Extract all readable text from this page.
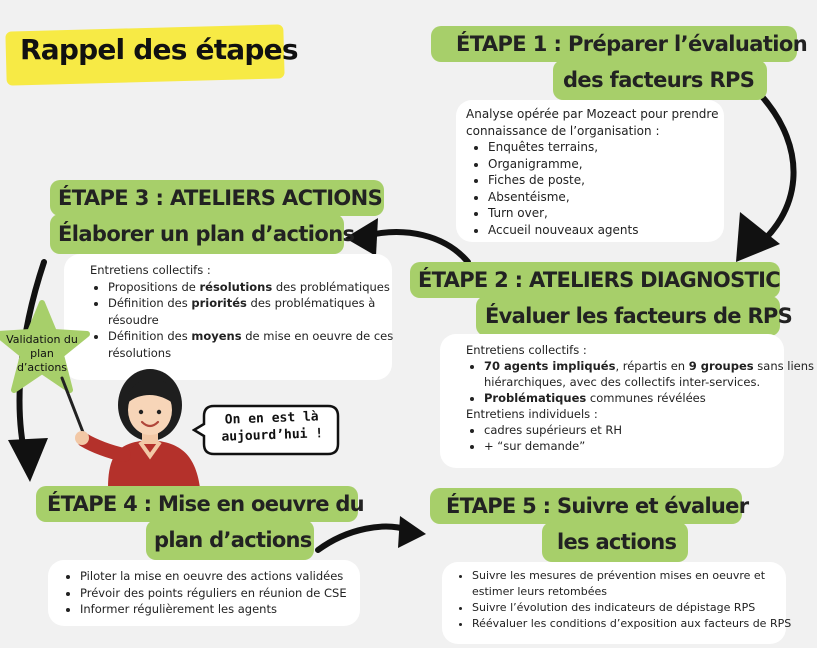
Rappel des étapes	ÉTAPE 1 : Préparer l’évaluation
des facteurs RPS
Analyse opérée par Mozeact pour prendre
connaissance de l’organisation :
• Enquêtes terrains,
• Organigramme,
• Fiches de poste,
• Absentéisme,
• Turn over,
• Accueil nouveaux agents
ÉTAPE 3 : ATELIERS ACTIONS
Élaborer un plan d’actions
Entretiens collectifs :
• Propositions de résolutions des problématiques
• Définition des priorités des problématiques à
résoudre
• Définition des moyens de mise en oeuvre de ces
résolutions
ÉTAPE 2 : ATELIERS DIAGNOSTIC
Évaluer les facteurs de RPS
Entretiens collectifs :
• 70 agents impliqués, répartis en 9 groupes sans liens
hiérarchiques, avec des collectifs inter-services.
• Problématiques communes révélées
Entretiens individuels :
• cadres supérieurs et RH
• + “sur demande”
Validation du
plan
d’actions
On en est là
aujourd’hui !
ÉTAPE 4 : Mise en oeuvre du
plan d’actions
• Piloter la mise en oeuvre des actions validées
• Prévoir des points réguliers en réunion de CSE
• Informer régulièrement les agents
ÉTAPE 5 : Suivre et évaluer
les actions
• Suivre les mesures de prévention mises en oeuvre et
estimer leurs retombées
• Suivre l’évolution des indicateurs de dépistage RPS
• Réévaluer les conditions d’exposition aux facteurs de RPS
